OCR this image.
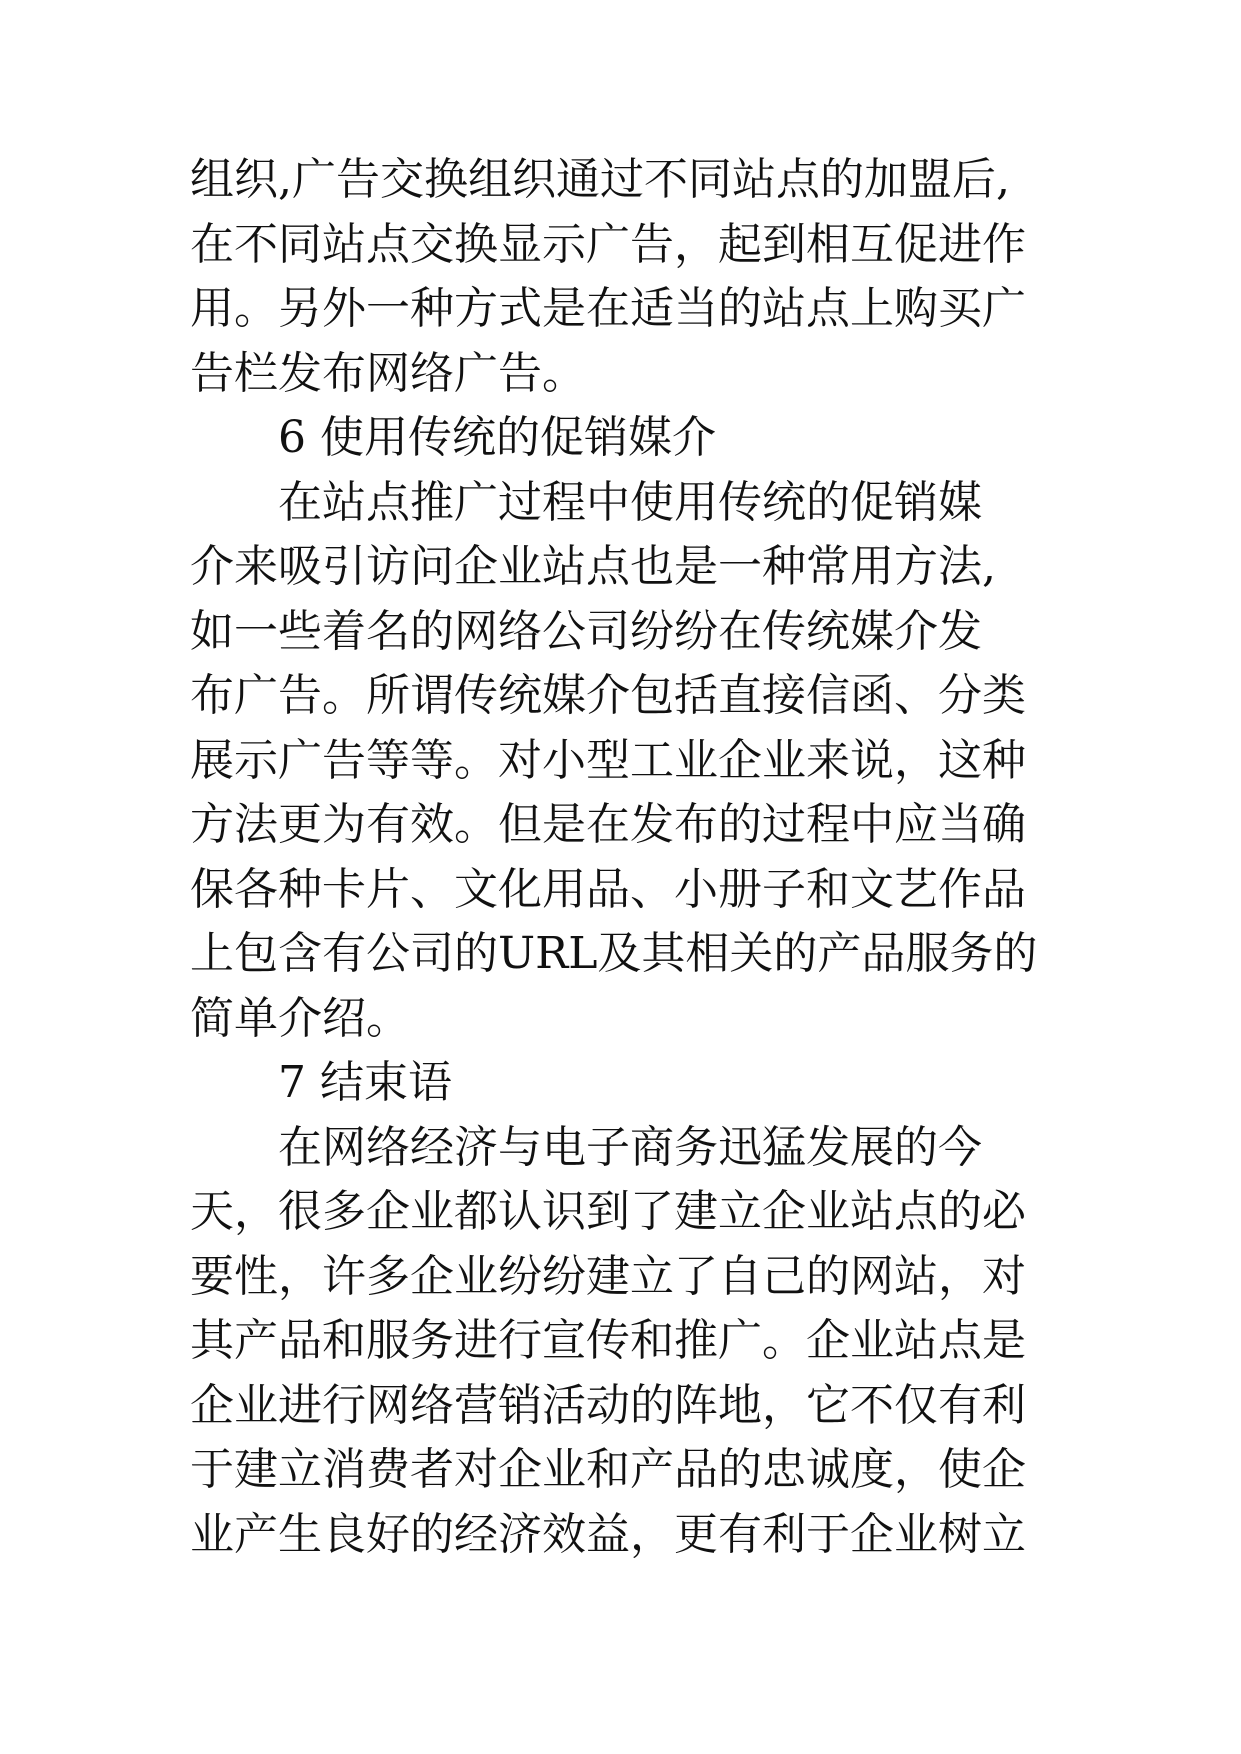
组织,广告交换组织通过不同站点的加盟后,
在不同站点交换显示广告，起到相互促进作
用。另外一种方式是在适当的站点上购买广
告栏发布网络广告。
6 使用传统的促销媒介
在站点推广过程中使用传统的促销媒
介来吸引访问企业站点也是一种常用方法,
如一些着名的网络公司纷纷在传统媒介发
布广告。所谓传统媒介包括直接信函、分类
展示广告等等。对小型工业企业来说，这种
方法更为有效。但是在发布的过程中应当确
保各种卡片、文化用品、小册子和文艺作品
上包含有公司的URL及其相关的产品服务的
简单介绍。
7 结束语
在网络经济与电子商务迅猛发展的今
天，很多企业都认识到了建立企业站点的必
要性，许多企业纷纷建立了自己的网站，对
其产品和服务进行宣传和推广。企业站点是
企业进行网络营销活动的阵地，它不仅有利
于建立消费者对企业和产品的忠诚度，使企
业产生良好的经济效益，更有利于企业树立
